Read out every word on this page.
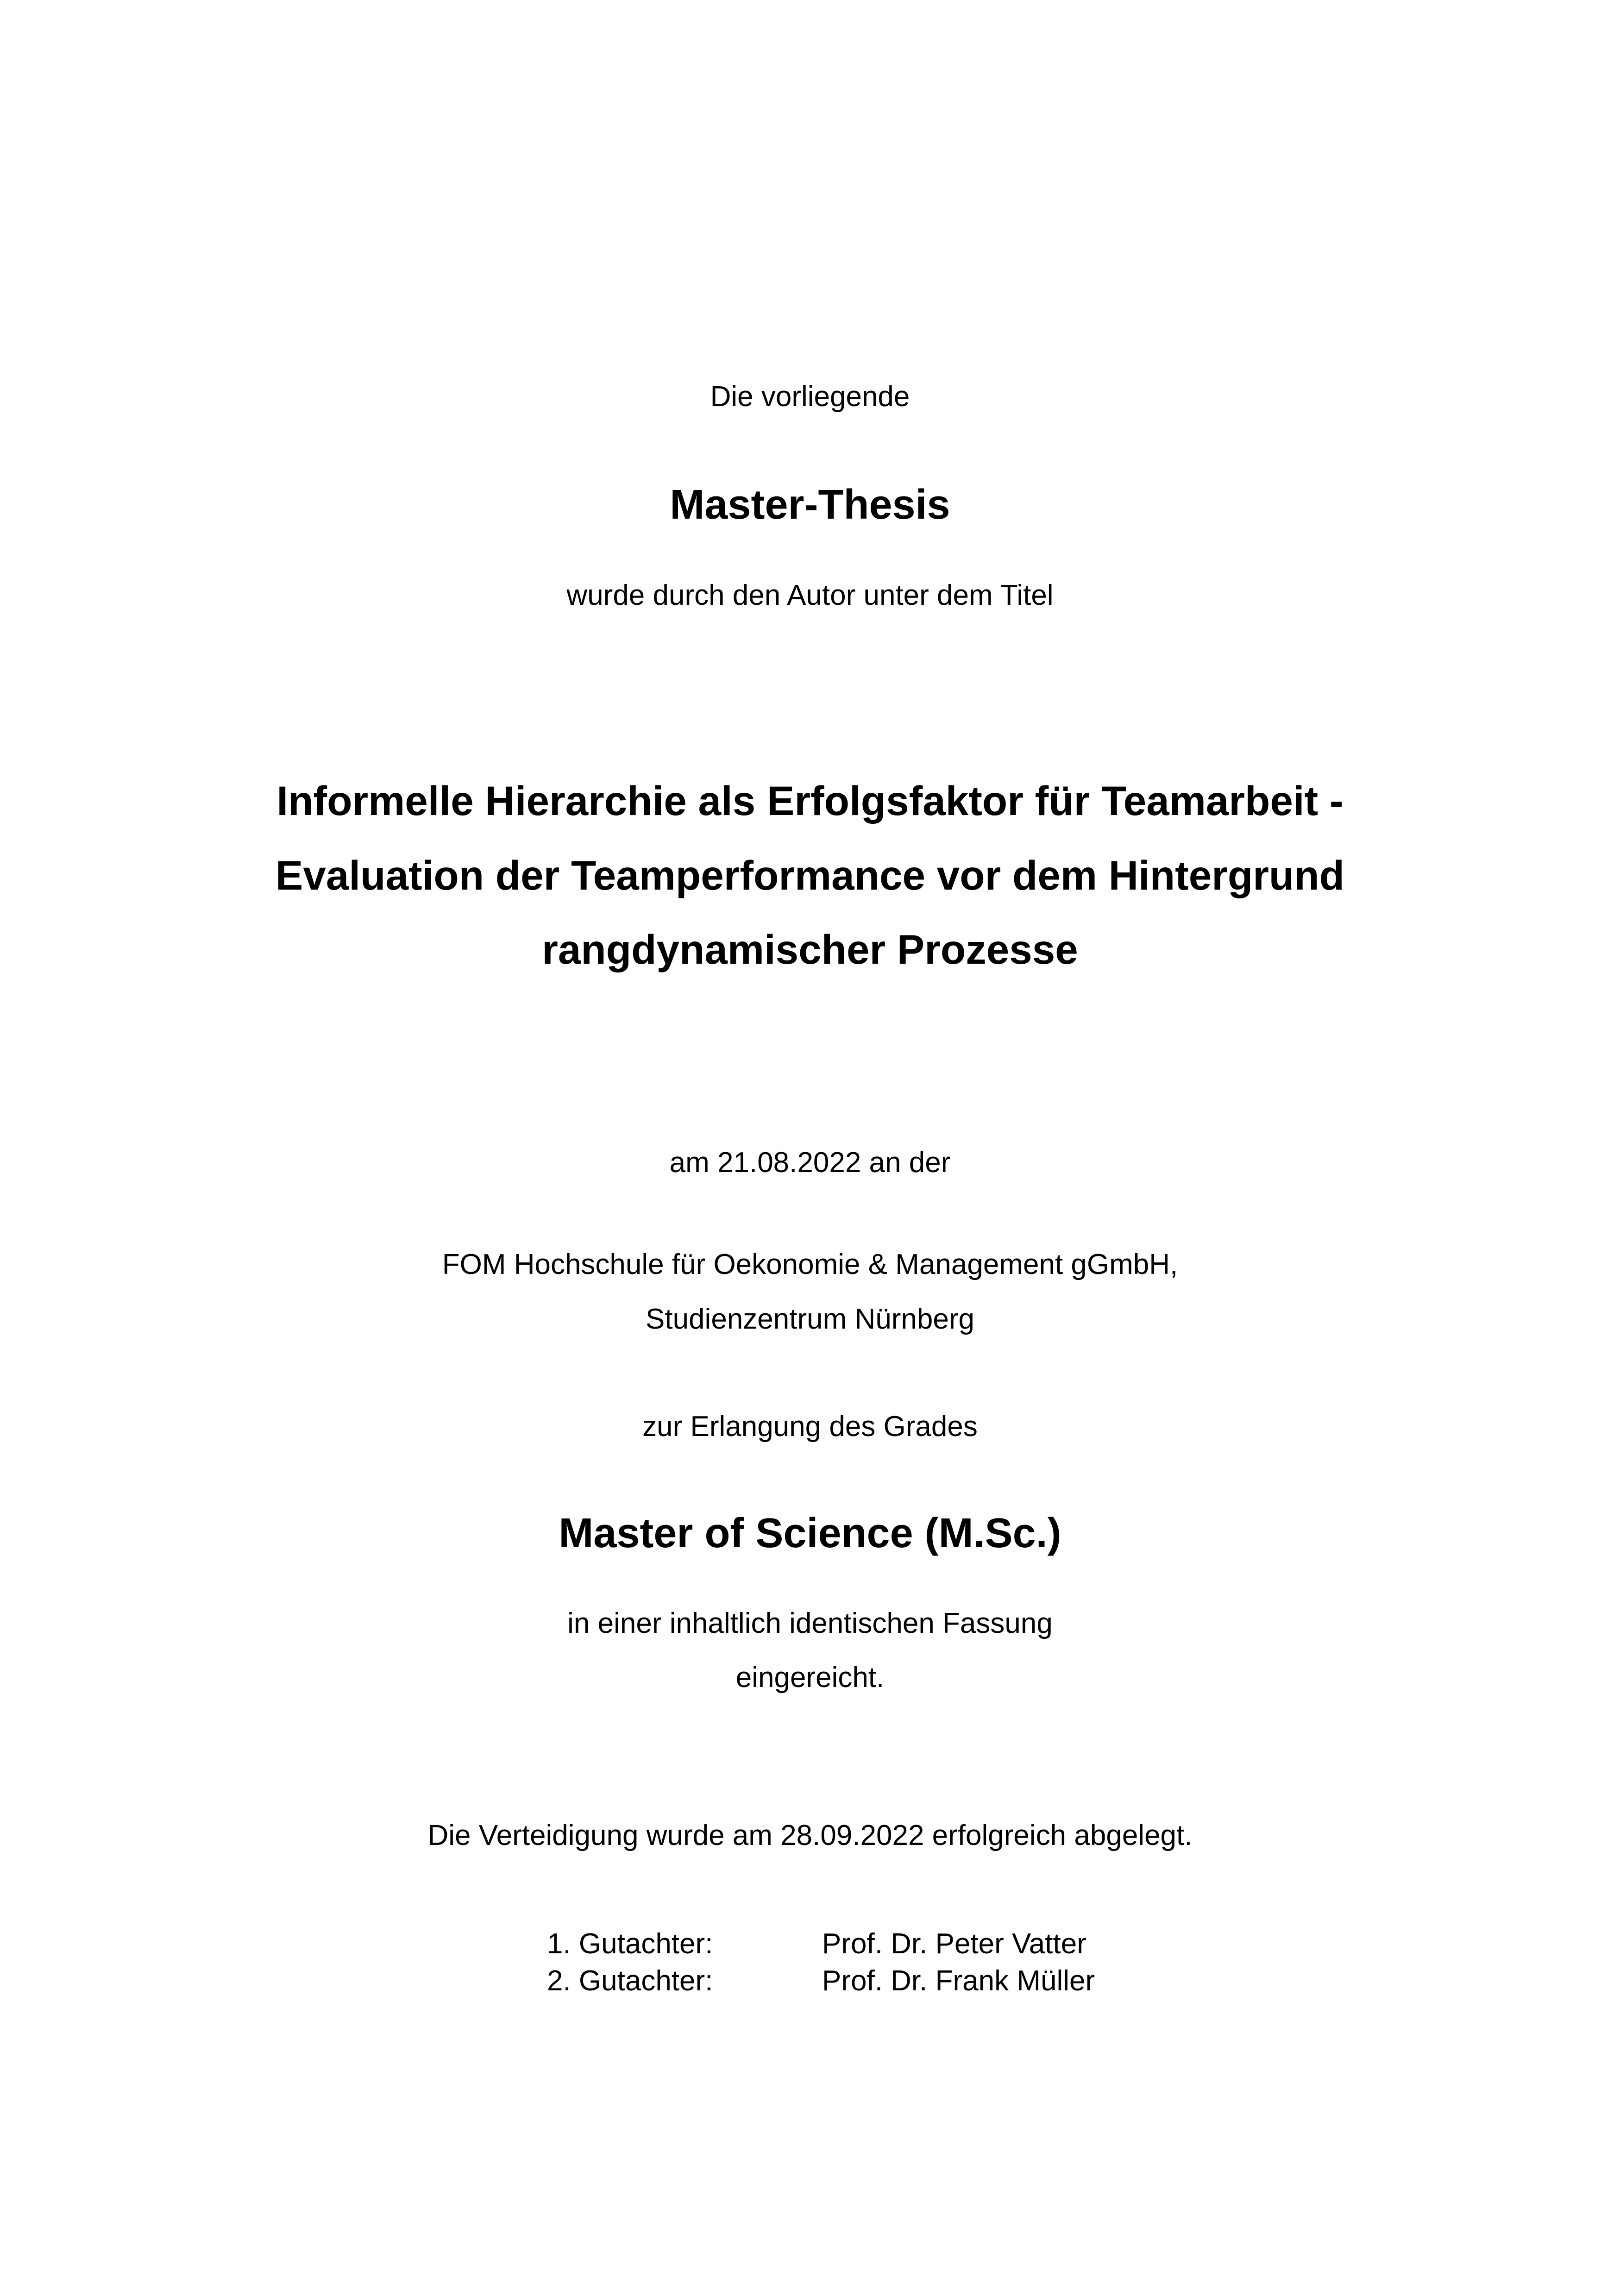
Die vorliegende
Master-Thesis
wurde durch den Autor unter dem Titel
Informelle Hierarchie als Erfolgsfaktor für Teamarbeit -
Evaluation der Teamperformance vor dem Hintergrund
rangdynamischer Prozesse
am 21.08.2022 an der
FOM Hochschule für Oekonomie & Management gGmbH,
Studienzentrum Nürnberg
zur Erlangung des Grades
Master of Science (M.Sc.)
in einer inhaltlich identischen Fassung
eingereicht.
Die Verteidigung wurde am 28.09.2022 erfolgreich abgelegt.
1. Gutachter:	Prof. Dr. Peter Vatter
2. Gutachter:	Prof. Dr. Frank Müller
